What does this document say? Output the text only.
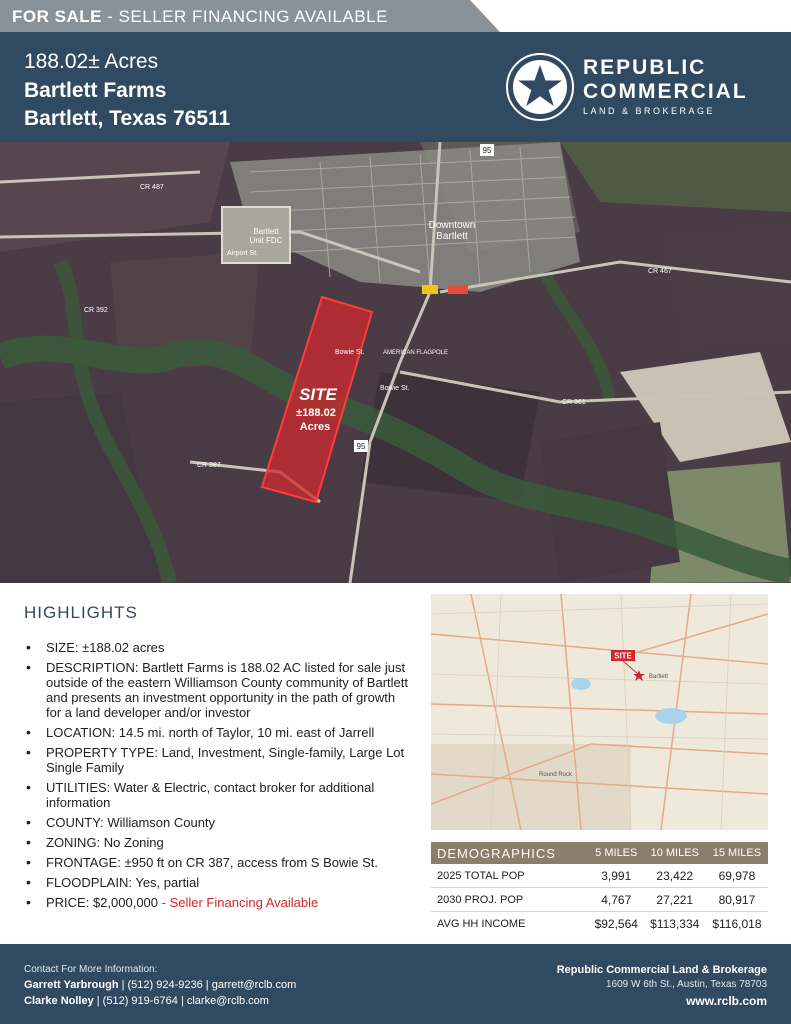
FOR SALE - SELLER FINANCING AVAILABLE
188.02± Acres
Bartlett Farms
Bartlett, Texas 76511
REPUBLIC
COMMERCIAL
LAND & BROKERAGE
SITE
±188.02
Acres
Downtown
Bartlett
Bartlett
Unit FDC
CR 487
CR 467
CR 387
CR 392
CR 361
Bowie St.
Bowie St.
Airport St.
AMERICAN FLAGPOLE
95
95
HIGHLIGHTS
• SIZE: ±188.02 acres
• DESCRIPTION: Bartlett Farms is 188.02 AC listed for sale just outside of the eastern Williamson County community of Bartlett and presents an investment opportunity in the path of growth for a land developer and/or investor
• LOCATION: 14.5 mi. north of Taylor, 10 mi. east of Jarrell
• PROPERTY TYPE: Land, Investment, Single-family, Large Lot Single Family
• UTILITIES: Water & Electric, contact broker for additional information
• COUNTY: Williamson County
• ZONING: No Zoning
• FRONTAGE: ±950 ft on CR 387, access from S Bowie St.
• FLOODPLAIN: Yes, partial
• PRICE: $2,000,000 - Seller Financing Available
SITE
Bartlett
Round Rock
DEMOGRAPHICS	5 MILES	10 MILES	15 MILES
2025 TOTAL POP	3,991	23,422	69,978
2030 PROJ. POP	4,767	27,221	80,917
AVG HH INCOME	$92,564	$113,334	$116,018
Contact For More Information:
Garrett Yarbrough | (512) 924-9236 | garrett@rclb.com
Clarke Nolley | (512) 919-6764 | clarke@rclb.com
Republic Commercial Land & Brokerage
1609 W 6th St., Austin, Texas 78703
www.rclb.com
